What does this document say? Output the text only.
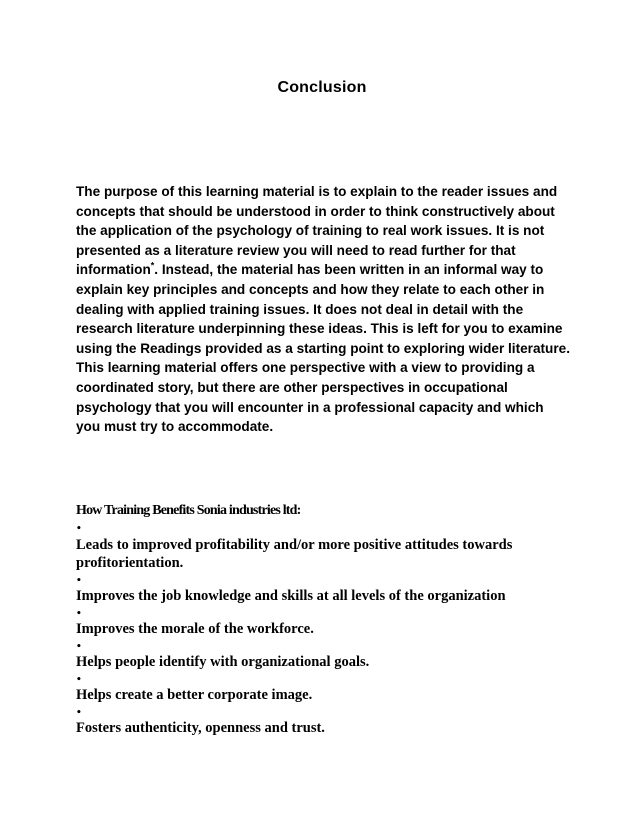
Conclusion

The purpose of this learning material is to explain to the reader issues and concepts that should be understood in order to think constructively about the application of the psychology of training to real work issues. It is not presented as a literature review you will need to read further for that information*. Instead, the material has been written in an informal way to explain key principles and concepts and how they relate to each other in dealing with applied training issues. It does not deal in detail with the research literature underpinning these ideas. This is left for you to examine using the Readings provided as a starting point to exploring wider literature. This learning material offers one perspective with a view to providing a coordinated story, but there are other perspectives in occupational psychology that you will encounter in a professional capacity and which you must try to accommodate.

How Training Benefits Sonia industries ltd:

•
Leads to improved profitability and/or more positive attitudes towards profitorientation.
•
Improves the job knowledge and skills at all levels of the organization
•
Improves the morale of the workforce.
•
Helps people identify with organizational goals.
•
Helps create a better corporate image.
•
Fosters authenticity, openness and trust.
